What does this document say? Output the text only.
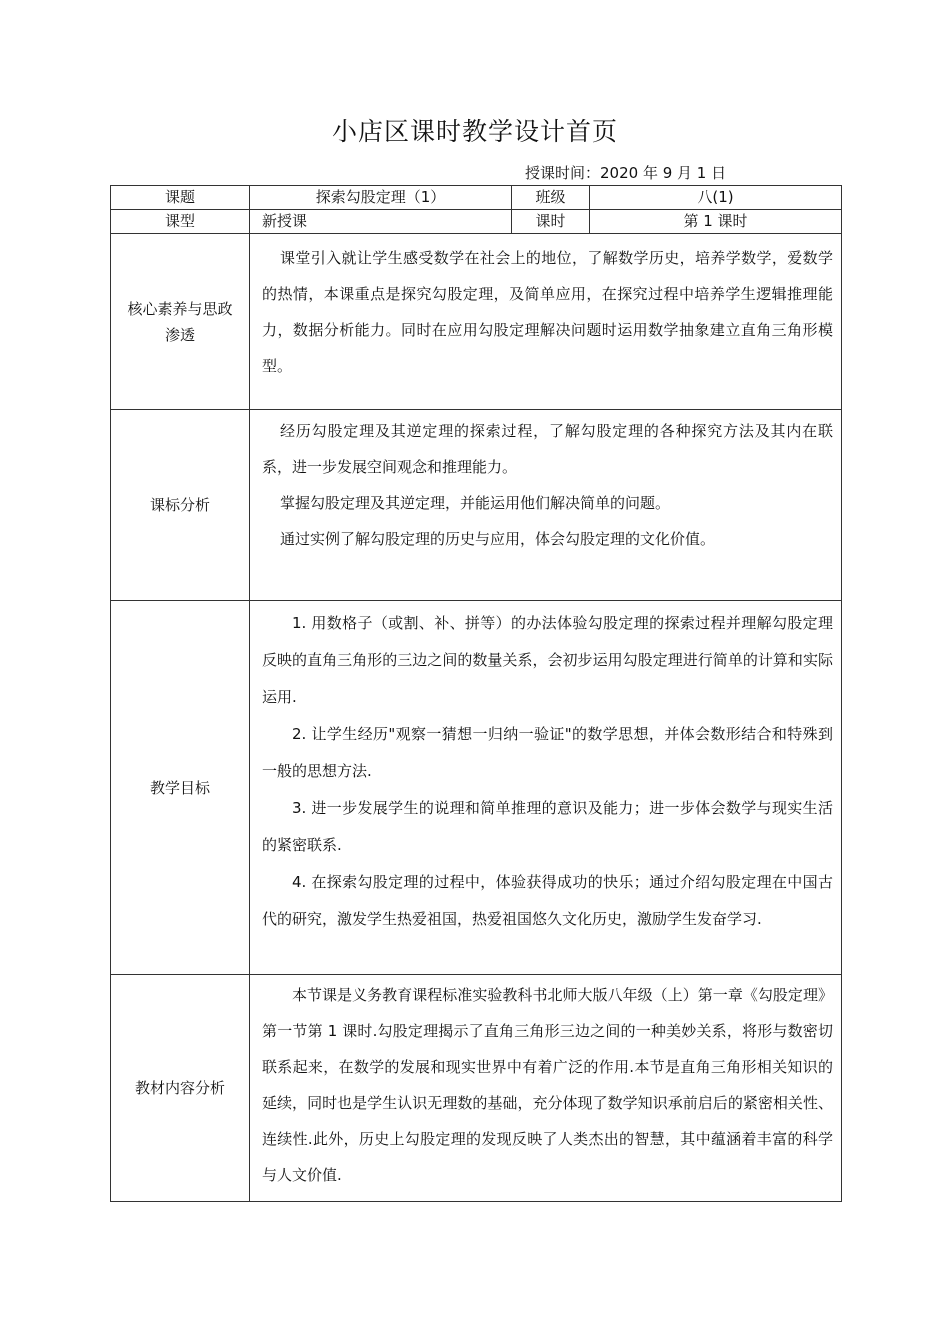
小店区课时教学设计首页
授课时间：2020 年 9 月 1 日
课题	探索勾股定理（1）	班级	八(1)
课型	新授课	课时	第 1 课时

核心素养与思政渗透	课堂引入就让学生感受数学在社会上的地位，了解数学历史，培养学数学，爱数学的热情，本课重点是探究勾股定理，及简单应用，在探究过程中培养学生逻辑推理能力，数据分析能力。同时在应用勾股定理解决问题时运用数学抽象建立直角三角形模型。		

课标分析	经历勾股定理及其逆定理的探索过程，了解勾股定理的各种探究方法及其内在联系，进一步发展空间观念和推理能力。

掌握勾股定理及其逆定理，并能运用他们解决简单的问题。

通过实例了解勾股定理的历史与应用，体会勾股定理的文化价值。		

教学目标	1. 用数格子（或割、补、拼等）的办法体验勾股定理的探索过程并理解勾股定理反映的直角三角形的三边之间的数量关系，会初步运用勾股定理进行简单的计算和实际运用.

2. 让学生经历"观察一猜想一归纳一验证"的数学思想，并体会数形结合和特殊到一般的思想方法.

3. 进一步发展学生的说理和简单推理的意识及能力；进一步体会数学与现实生活的紧密联系.

4. 在探索勾股定理的过程中，体验获得成功的快乐；通过介绍勾股定理在中国古代的研究，激发学生热爱祖国，热爱祖国悠久文化历史，激励学生发奋学习.		

教材内容分析	本节课是义务教育课程标准实验教科书北师大版八年级（上）第一章《勾股定理》第一节第 1 课时.勾股定理揭示了直角三角形三边之间的一种美妙关系，将形与数密切联系起来，在数学的发展和现实世界中有着广泛的作用.本节是直角三角形相关知识的延续，同时也是学生认识无理数的基础，充分体现了数学知识承前启后的紧密相关性、连续性.此外，历史上勾股定理的发现反映了人类杰出的智慧，其中蕴涵着丰富的科学与人文价值.		
